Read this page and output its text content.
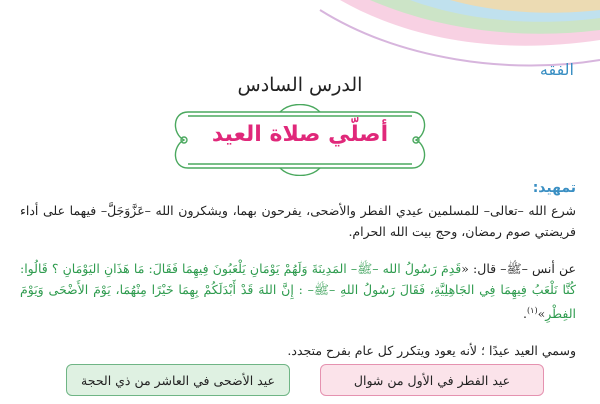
الفقه
الدرس السادس
أصلّي صلاة العيد
تمهيد:
شرع الله –تعالى– للمسلمين عيدي الفطر والأضحى، يفرحون بهما، ويشكرون الله –عَزَّوَجَلَّ– فيهما على أداء فريضتي صوم رمضان، وحج بيت الله الحرام.
عن أنس –ﷺ– قال: «قَدِمَ رَسُولُ الله –ﷺ– المَدِينَةَ وَلَهُمْ يَوْمَانِ يَلْعَبُونَ فِيهِمَا فَقَالَ: مَا هَذَانِ اليَوْمَانِ ؟ قَالُوا: كُنَّا نَلْعَبُ فِيهِمَا فِي الجَاهِلِيَّةِ، فَقَالَ رَسُولُ اللهِ –ﷺ– : إِنَّ اللهَ قَدْ أَبْدَلَكُمْ بِهِمَا خَيْرًا مِنْهُمَا، يَوْمَ الأَضْحَى وَيَوْمَ الفِطْرِ»$^{(١)}$.
وسمي العيد عيدًا ؛ لأنه يعود ويتكرر كل عام بفرح متجدد.
عيد الفطر في الأول من شوال
عيد الأضحى في العاشر من ذي الحجة
